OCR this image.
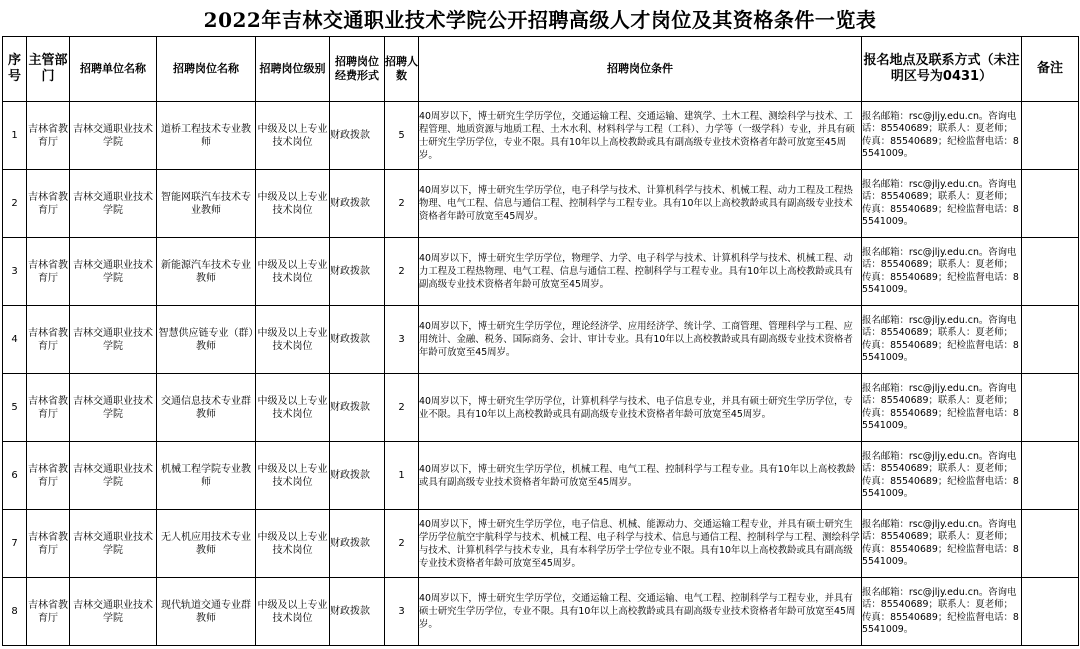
2022年吉林交通职业技术学院公开招聘高级人才岗位及其资格条件一览表
序号	主管部门	招聘单位名称	招聘岗位名称	招聘岗位级别	招聘岗位经费形式	招聘人数	招聘岗位条件	报名地点及联系方式（未注明区号为0431）	备注
1	吉林省教育厅	吉林交通职业技术学院	道桥工程技术专业教师	中级及以上专业技术岗位	财政拨款	5	40周岁以下，博士研究生学历学位，交通运输工程、交通运输、建筑学、土木工程、测绘科学与技术、工程管理、地质资源与地质工程、土木水利、材料科学与工程（工科）、力学等（一级学科）专业，并具有硕士研究生学历学位，专业不限。具有10年以上高校教龄或具有副高级专业技术资格者年龄可放宽至45周岁。	报名邮箱：rsc@jljy.edu.cn。咨询电话：85540689；联系人：夏老师；传真：85540689；纪检监督电话：85541009。	
2	吉林省教育厅	吉林交通职业技术学院	智能网联汽车技术专业教师	中级及以上专业技术岗位	财政拨款	2	40周岁以下，博士研究生学历学位，电子科学与技术、计算机科学与技术、机械工程、动力工程及工程热物理、电气工程、信息与通信工程、控制科学与工程专业。具有10年以上高校教龄或具有副高级专业技术资格者年龄可放宽至45周岁。	报名邮箱：rsc@jljy.edu.cn。咨询电话：85540689；联系人：夏老师；传真：85540689；纪检监督电话：85541009。	
3	吉林省教育厅	吉林交通职业技术学院	新能源汽车技术专业教师	中级及以上专业技术岗位	财政拨款	2	40周岁以下，博士研究生学历学位，物理学、力学、电子科学与技术、计算机科学与技术、机械工程、动力工程及工程热物理、电气工程、信息与通信工程、控制科学与工程专业。具有10年以上高校教龄或具有副高级专业技术资格者年龄可放宽至45周岁。	报名邮箱：rsc@jljy.edu.cn。咨询电话：85540689；联系人：夏老师；传真：85540689；纪检监督电话：85541009。	
4	吉林省教育厅	吉林交通职业技术学院	智慧供应链专业（群）教师	中级及以上专业技术岗位	财政拨款	3	40周岁以下，博士研究生学历学位，理论经济学、应用经济学、统计学、工商管理、管理科学与工程、应用统计、金融、税务、国际商务、会计、审计专业。具有10年以上高校教龄或具有副高级专业技术资格者年龄可放宽至45周岁。	报名邮箱：rsc@jljy.edu.cn。咨询电话：85540689；联系人：夏老师；传真：85540689；纪检监督电话：85541009。	
5	吉林省教育厅	吉林交通职业技术学院	交通信息技术专业群教师	中级及以上专业技术岗位	财政拨款	2	40周岁以下，博士研究生学历学位，计算机科学与技术、电子信息专业，并具有硕士研究生学历学位，专业不限。具有10年以上高校教龄或具有副高级专业技术资格者年龄可放宽至45周岁。	报名邮箱：rsc@jljy.edu.cn。咨询电话：85540689；联系人：夏老师；传真：85540689；纪检监督电话：85541009。	
6	吉林省教育厅	吉林交通职业技术学院	机械工程学院专业教师	中级及以上专业技术岗位	财政拨款	1	40周岁以下，博士研究生学历学位，机械工程、电气工程、控制科学与工程专业。具有10年以上高校教龄或具有副高级专业技术资格者年龄可放宽至45周岁。	报名邮箱：rsc@jljy.edu.cn。咨询电话：85540689；联系人：夏老师；传真：85540689；纪检监督电话：85541009。	
7	吉林省教育厅	吉林交通职业技术学院	无人机应用技术专业教师	中级及以上专业技术岗位	财政拨款	2	40周岁以下，博士研究生学历学位，电子信息、机械、能源动力、交通运输工程专业，并具有硕士研究生学历学位航空宇航科学与技术、机械工程、电子科学与技术、信息与通信工程、控制科学与工程、测绘科学与技术、计算机科学与技术专业，具有本科学历学士学位专业不限。具有10年以上高校教龄或具有副高级专业技术资格者年龄可放宽至45周岁。	报名邮箱：rsc@jljy.edu.cn。咨询电话：85540689；联系人：夏老师；传真：85540689；纪检监督电话：85541009。	
8	吉林省教育厅	吉林交通职业技术学院	现代轨道交通专业群教师	中级及以上专业技术岗位	财政拨款	3	40周岁以下，博士研究生学历学位，交通运输工程、交通运输、电气工程、控制科学与工程专业，并具有硕士研究生学历学位，专业不限。具有10年以上高校教龄或具有副高级专业技术资格者年龄可放宽至45周岁。	报名邮箱：rsc@jljy.edu.cn。咨询电话：85540689；联系人：夏老师；传真：85540689；纪检监督电话：85541009。	
